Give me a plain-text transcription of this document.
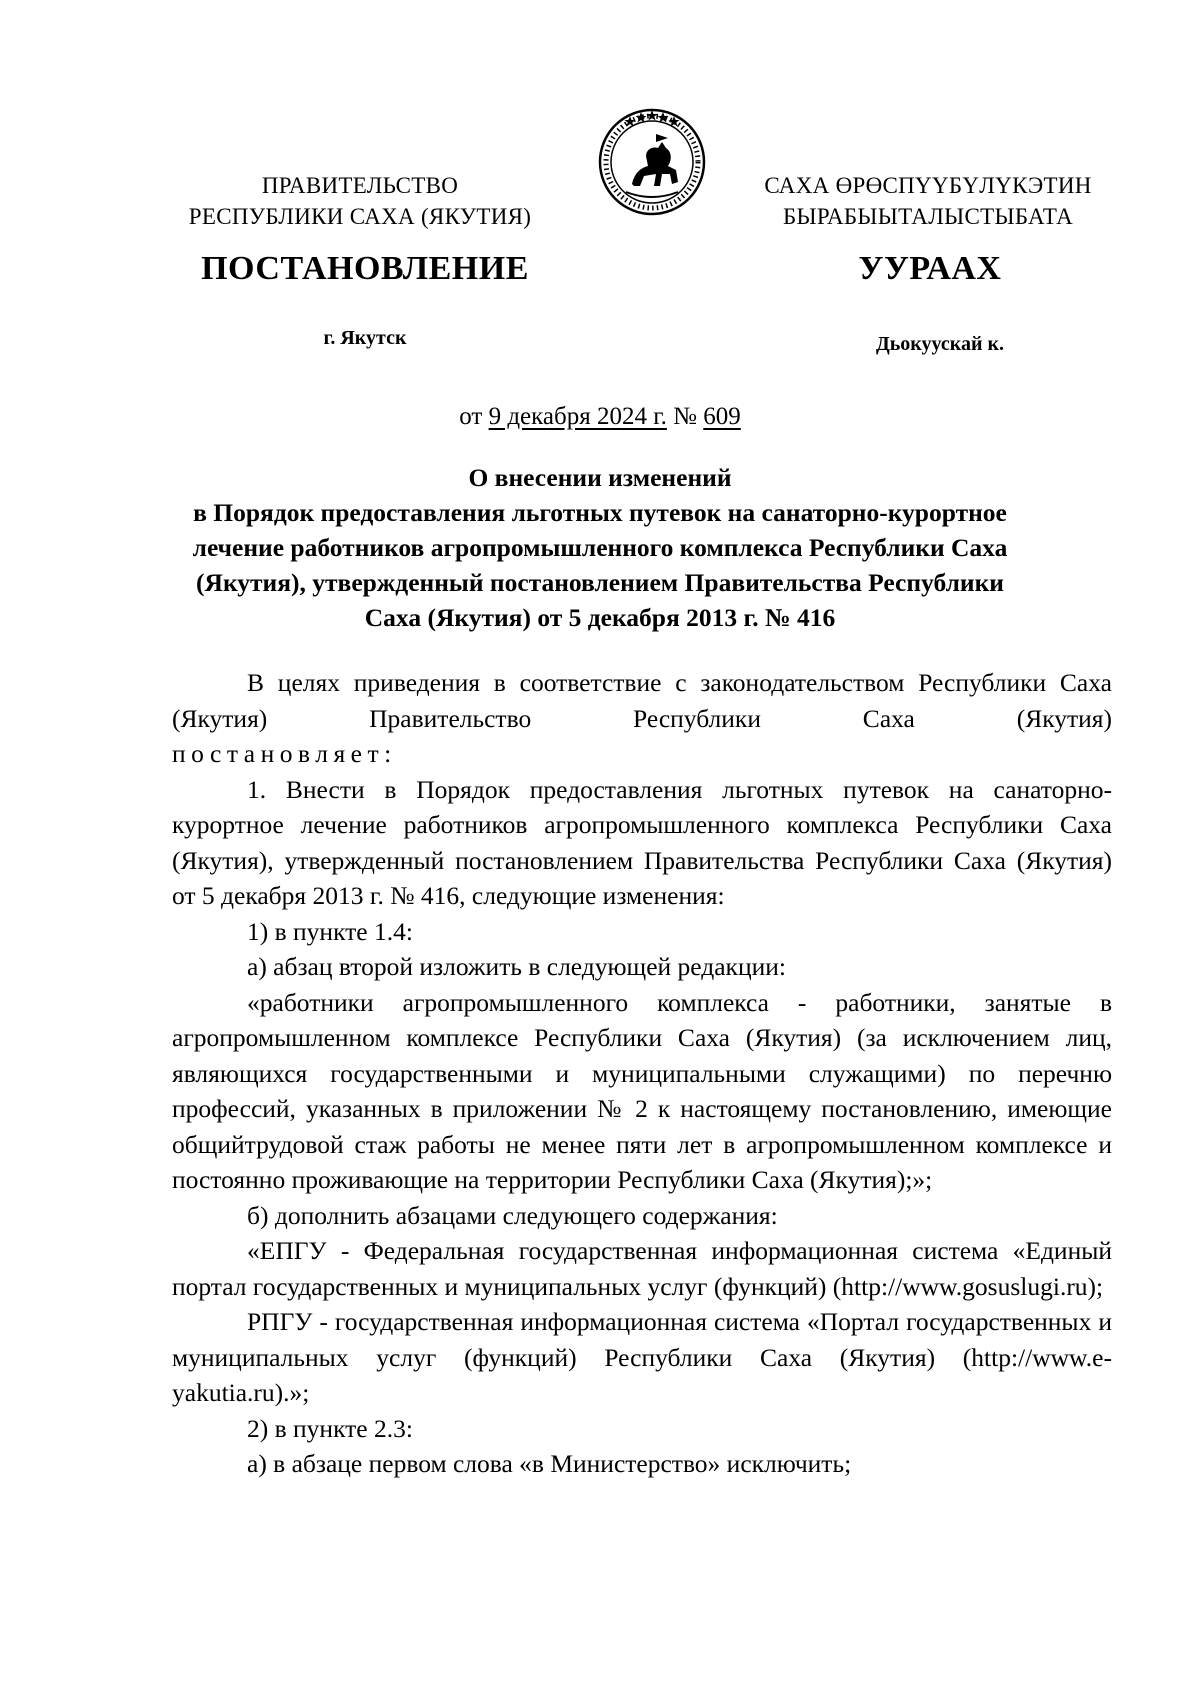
ПРАВИТЕЛЬСТВО
РЕСПУБЛИКИ САХА (ЯКУТИЯ)
САХА ӨРӨСПҮҮБҮЛҮКЭТИН
БЫРАБЫЫТАЛЫСТЫБАТА
ПОСТАНОВЛЕНИЕ	УУРААХ
г. Якутск	Дьокуускай к.
от 9 декабря 2024 г. № 609
О внесении изменений
в Порядок предоставления льготных путевок на санаторно-курортное
лечение работников агропромышленного комплекса Республики Саха
(Якутия), утвержденный постановлением Правительства Республики
Саха (Якутия) от 5 декабря 2013 г. № 416

В целях приведения в соответствие с законодательством Республики Саха (Якутия) Правительство Республики Саха (Якутия)

постановляет:

1. Внести в Порядок предоставления льготных путевок на санаторно-курортное лечение работников агропромышленного комплекса Республики Саха (Якутия), утвержденный постановлением Правительства Республики Саха (Якутия) от 5 декабря 2013 г. № 416, следующие изменения:

1) в пункте 1.4:

а) абзац второй изложить в следующей редакции:

«работники агропромышленного комплекса - работники, занятые в агропромышленном комплексе Республики Саха (Якутия) (за исключением лиц, являющихся государственными и муниципальными служащими) по перечню профессий, указанных в приложении № 2 к настоящему постановлению, имеющие общийтрудовой стаж работы не менее пяти лет в агропромышленном комплексе и постоянно проживающие на территории Республики Саха (Якутия);»;

б) дополнить абзацами следующего содержания:

«ЕПГУ - Федеральная государственная информационная система «Единый портал государственных и муниципальных услуг (функций) (http://www.gosuslugi.ru);

РПГУ - государственная информационная система «Портал государственных и муниципальных услуг (функций) Республики Саха (Якутия) (http://www.e-yakutia.ru).»;

2) в пункте 2.3:

а) в абзаце первом слова «в Министерство» исключить;
